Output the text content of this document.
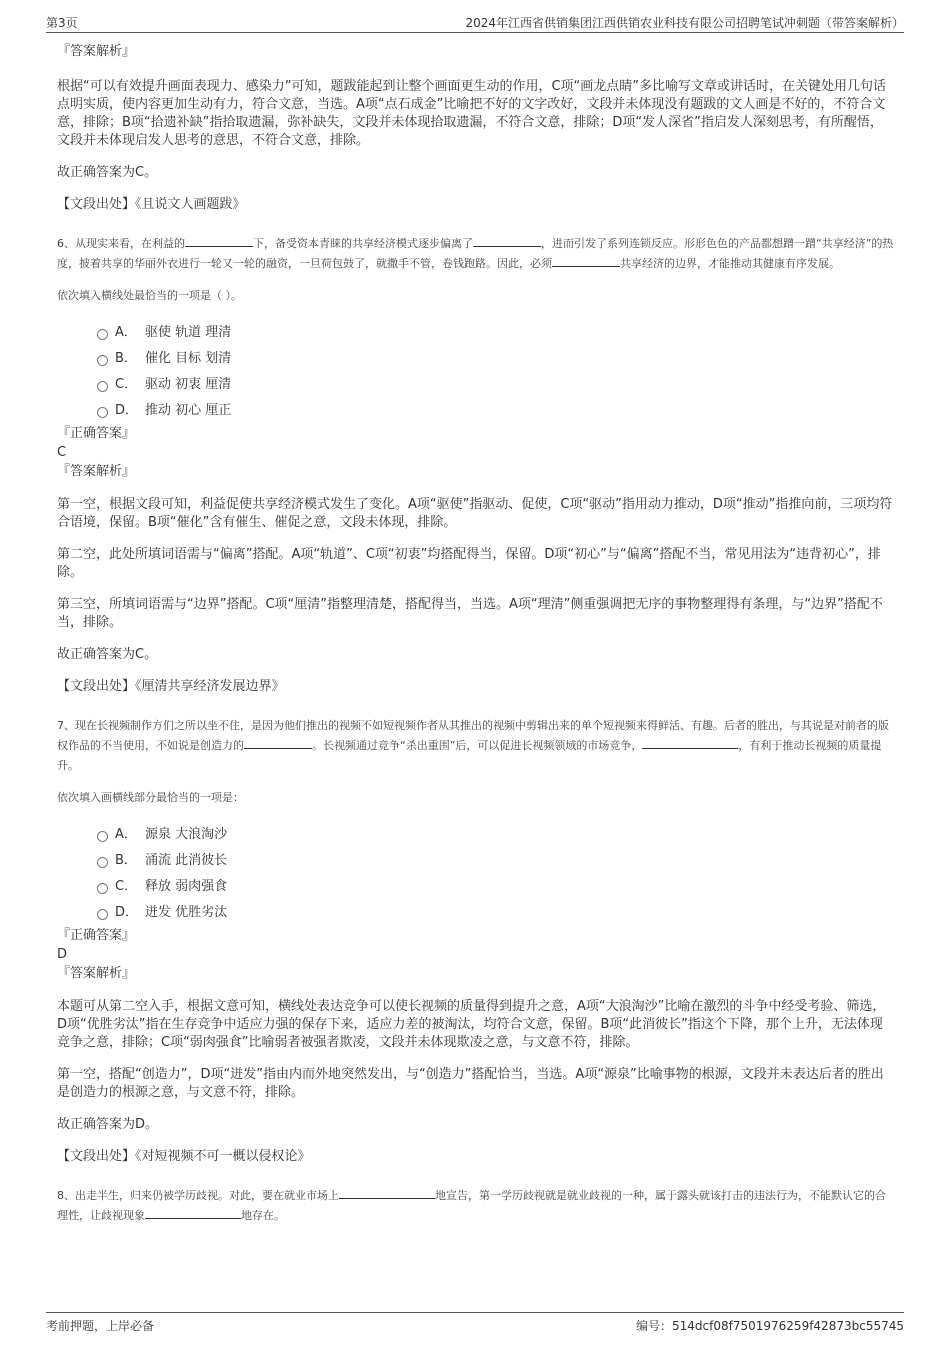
第3页	2024年江西省供销集团江西供销农业科技有限公司招聘笔试冲刺题（带答案解析）

『答案解析』

根据“可以有效提升画面表现力、感染力”可知，题跋能起到让整个画面更生动的作用，C项“画龙点睛”多比喻写文章或讲话时，在关键处用几句话点明实质，使内容更加生动有力，符合文意，当选。A项“点石成金”比喻把不好的文字改好，文段并未体现没有题跋的文人画是不好的，不符合文意，排除；B项“拾遗补缺”指拾取遗漏，弥补缺失，文段并未体现拾取遗漏，不符合文意，排除；D项“发人深省”指启发人深刻思考，有所醒悟，文段并未体现启发人思考的意思，不符合文意，排除。

故正确答案为C。

【文段出处】《且说文人画题跋》

6、从现实来看，在利益的	下，备受资本青睐的共享经济模式逐步偏离了	，进而引发了系列连锁反应。形形色色的产品都想蹭一蹭“共享经济”的热度，披着共享的华丽外衣进行一轮又一轮的融资，一旦荷包鼓了，就撒手不管，卷钱跑路。因此，必须	共享经济的边界，才能推动其健康有序发展。

依次填入横线处最恰当的一项是（ ）。

A． 驱使 轨道 理清
B． 催化 目标 划清
C． 驱动 初衷 厘清
D． 推动 初心 厘正

『正确答案』

C

『答案解析』

第一空，根据文段可知，利益促使共享经济模式发生了变化。A项“驱使”指驱动、促使，C项“驱动”指用动力推动，D项“推动”指推向前，三项均符合语境，保留。B项“催化”含有催生、催促之意，文段未体现，排除。

第二空，此处所填词语需与“偏离”搭配。A项“轨道”、C项“初衷”均搭配得当，保留。D项“初心”与“偏离”搭配不当，常见用法为“违背初心”，排除。

第三空，所填词语需与“边界”搭配。C项“厘清”指整理清楚，搭配得当，当选。A项“理清”侧重强调把无序的事物整理得有条理，与“边界”搭配不当，排除。

故正确答案为C。

【文段出处】《厘清共享经济发展边界》

7、现在长视频制作方们之所以坐不住，是因为他们推出的视频不如短视频作者从其推出的视频中剪辑出来的单个短视频来得鲜活、有趣。后者的胜出，与其说是对前者的版权作品的不当使用，不如说是创造力的	。长视频通过竞争“杀出重围”后，可以促进长视频领域的市场竞争，	，有利于推动长视频的质量提升。

依次填入画横线部分最恰当的一项是：

A． 源泉 大浪淘沙
B． 涌流 此消彼长
C． 释放 弱肉强食
D． 迸发 优胜劣汰

『正确答案』

D

『答案解析』

本题可从第二空入手，根据文意可知，横线处表达竞争可以使长视频的质量得到提升之意，A项“大浪淘沙”比喻在激烈的斗争中经受考验、筛选，D项“优胜劣汰”指在生存竞争中适应力强的保存下来，适应力差的被淘汰，均符合文意，保留。B项“此消彼长”指这个下降，那个上升，无法体现竞争之意，排除；C项“弱肉强食”比喻弱者被强者欺凌，文段并未体现欺凌之意，与文意不符，排除。

第一空，搭配“创造力”，D项“迸发”指由内而外地突然发出，与“创造力”搭配恰当，当选。A项“源泉”比喻事物的根源，文段并未表达后者的胜出是创造力的根源之意，与文意不符，排除。

故正确答案为D。

【文段出处】《对短视频不可一概以侵权论》

8、出走半生，归来仍被学历歧视。对此，要在就业市场上	地宣告，第一学历歧视就是就业歧视的一种，属于露头就该打击的违法行为，不能默认它的合理性，让歧视现象	地存在。

考前押题，上岸必备	编号：514dcf08f7501976259f42873bc55745
